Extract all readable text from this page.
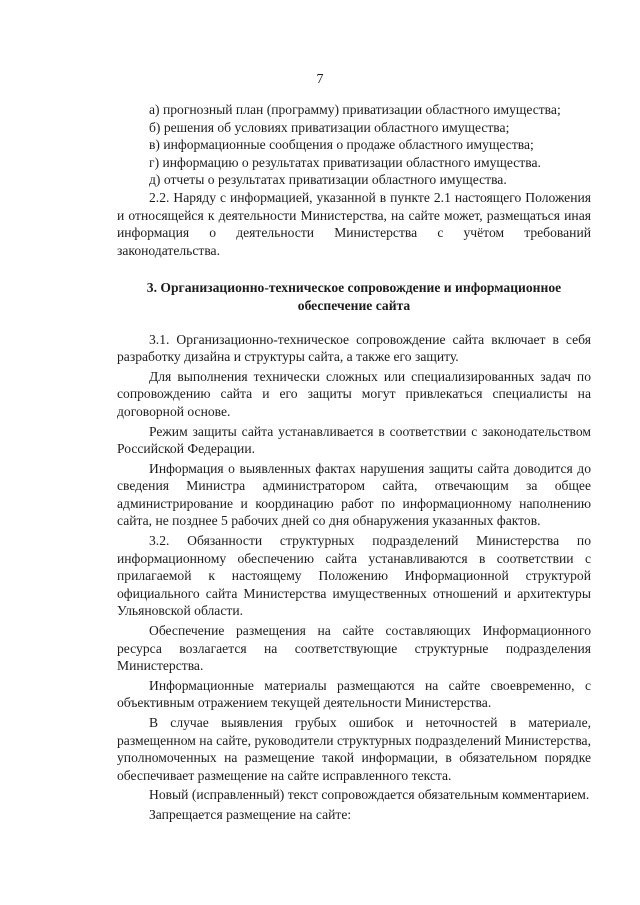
7

а) прогнозный план (программу) приватизации областного имущества;

б) решения об условиях приватизации областного имущества;

в) информационные сообщения о продаже областного имущества;

г) информацию о результатах приватизации областного имущества.

д) отчеты о результатах приватизации областного имущества.

2.2. Наряду с информацией, указанной в пункте 2.1 настоящего Положения и относящейся к деятельности Министерства, на сайте может, размещаться иная информация о деятельности Министерства с учётом требований законодательства.

3. Организационно-техническое сопровождение и информационное обеспечение сайта

3.1. Организационно-техническое сопровождение сайта включает в себя разработку дизайна и структуры сайта, а также его защиту.

Для выполнения технически сложных или специализированных задач по сопровождению сайта и его защиты могут привлекаться специалисты на договорной основе.

Режим защиты сайта устанавливается в соответствии с законодательством Российской Федерации.

Информация о выявленных фактах нарушения защиты сайта доводится до сведения Министра администратором сайта, отвечающим за общее администрирование и координацию работ по информационному наполнению сайта, не позднее 5 рабочих дней со дня обнаружения указанных фактов.

3.2. Обязанности структурных подразделений Министерства по информационному обеспечению сайта устанавливаются в соответствии с прилагаемой к настоящему Положению Информационной структурой официального сайта Министерства имущественных отношений и архитектуры Ульяновской области.

Обеспечение размещения на сайте составляющих Информационного ресурса возлагается на соответствующие структурные подразделения Министерства.

Информационные материалы размещаются на сайте своевременно, с объективным отражением текущей деятельности Министерства.

В случае выявления грубых ошибок и неточностей в материале, размещенном на сайте, руководители структурных подразделений Министерства, уполномоченных на размещение такой информации, в обязательном порядке обеспечивает размещение на сайте исправленного текста.

Новый (исправленный) текст сопровождается обязательным комментарием.

Запрещается размещение на сайте:
